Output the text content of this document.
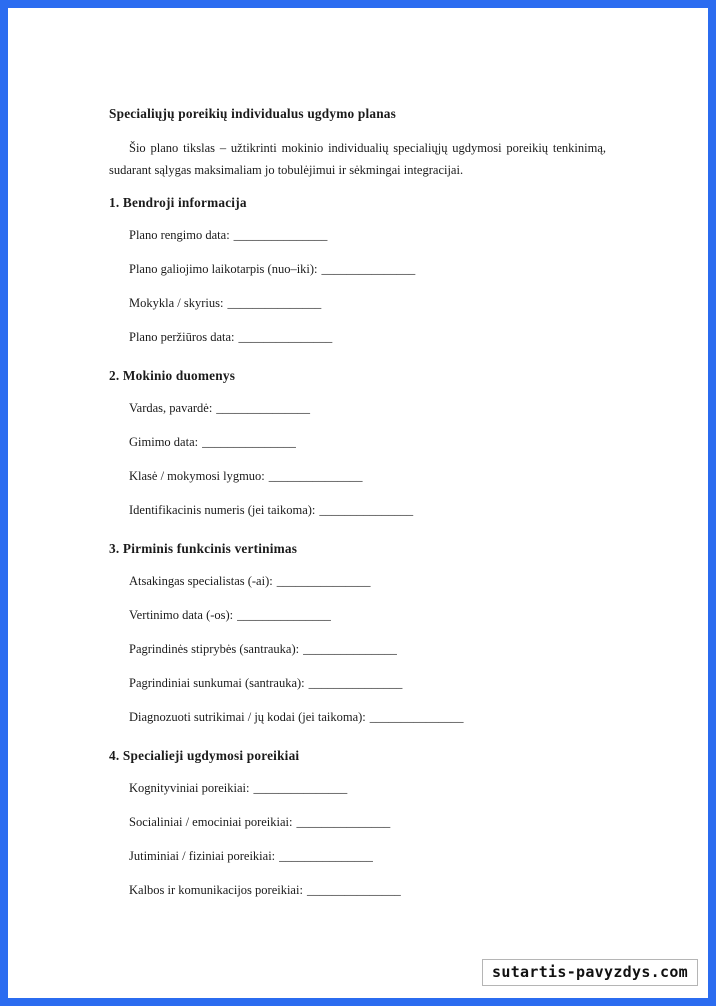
Specialiųjų poreikių individualus ugdymo planas

Šio plano tikslas – užtikrinti mokinio individualių specialiųjų ugdymosi poreikių tenkinimą, sudarant sąlygas maksimaliam jo tobulėjimui ir sėkmingai integracijai.

1. Bendroji informacija
Plano rengimo data: _______________
Plano galiojimo laikotarpis (nuo–iki): _______________
Mokykla / skyrius: _______________
Plano peržiūros data: _______________
2. Mokinio duomenys
Vardas, pavardė: _______________
Gimimo data: _______________
Klasė / mokymosi lygmuo: _______________
Identifikacinis numeris (jei taikoma): _______________
3. Pirminis funkcinis vertinimas
Atsakingas specialistas (-ai): _______________
Vertinimo data (-os): _______________
Pagrindinės stiprybės (santrauka): _______________
Pagrindiniai sunkumai (santrauka): _______________
Diagnozuoti sutrikimai / jų kodai (jei taikoma): _______________
4. Specialieji ugdymosi poreikiai
Kognityviniai poreikiai: _______________
Socialiniai / emociniai poreikiai: _______________
Jutiminiai / fiziniai poreikiai: _______________
Kalbos ir komunikacijos poreikiai: _______________
sutartis-pavyzdys.com
